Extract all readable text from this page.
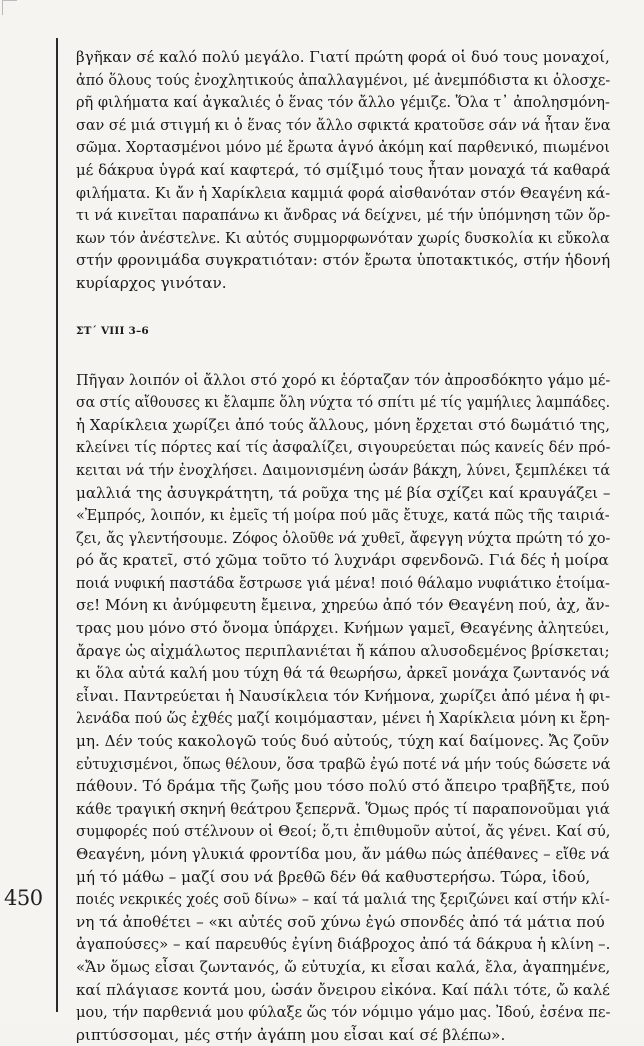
450
βγῆκαν σέ καλό πολύ μεγάλο. Γιατί πρώτη φορά οἱ δυό τους μοναχοί,
ἀπό ὅλους τούς ἐνοχλητικούς ἀπαλλαγμένοι, μέ ἀνεμπόδιστα κι ὁλοσχε-
ρῆ φιλήματα καί ἀγκαλιές ὁ ἕνας τόν ἄλλο γέμιζε. Ὅλα τ᾽ ἀπολησμόνη-
σαν σέ μιά στιγμή κι ὁ ἕνας τόν ἄλλο σφικτά κρατοῦσε σάν νά ἦταν ἕνα
σῶμα. Χορτασμένοι μόνο μέ ἔρωτα ἁγνό ἀκόμη καί παρθενικό, πιωμένοι
μέ δάκρυα ὑγρά καί καφτερά, τό σμίξιμό τους ἦταν μοναχά τά καθαρά
φιλήματα. Κι ἄν ἡ Χαρίκλεια καμμιά φορά αἰσθανόταν στόν Θεαγένη κά-
τι νά κινεῖται παραπάνω κι ἄνδρας νά δείχνει, μέ τήν ὑπόμνηση τῶν ὅρ-
κων τόν ἀνέστελνε. Κι αὐτός συμμορφωνόταν χωρίς δυσκολία κι εὔκολα
στήν φρονιμάδα συγκρατιόταν: στόν ἔρωτα ὑποτακτικός, στήν ἡδονή
κυρίαρχος γινόταν.
ΣΤ΄ VIII 3–6
Πῆγαν λοιπόν οἱ ἄλλοι στό χορό κι ἑόρταζαν τόν ἀπροσδόκητο γάμο μέ-
σα στίς αἴθουσες κι ἔλαμπε ὅλη νύχτα τό σπίτι μέ τίς γαμήλιες λαμπάδες.
ἡ Χαρίκλεια χωρίζει ἀπό τούς ἄλλους, μόνη ἔρχεται στό δωμάτιό της,
κλείνει τίς πόρτες καί τίς ἀσφαλίζει, σιγουρεύεται πώς κανείς δέν πρό-
κειται νά τήν ἐνοχλήσει. Δαιμονισμένη ὡσάν βάκχη, λύνει, ξεμπλέκει τά
μαλλιά της ἀσυγκράτητη, τά ροῦχα της μέ βία σχίζει καί κραυγάζει –
«Ἐμπρός, λοιπόν, κι ἐμεῖς τή μοίρα πού μᾶς ἔτυχε, κατά πῶς τῆς ταιριά-
ζει, ἄς γλεντήσουμε. Ζόφος ὁλοῦθε νά χυθεῖ, ἄφεγγη νύχτα πρώτη τό χο-
ρό ἄς κρατεῖ, στό χῶμα τοῦτο τό λυχνάρι σφενδονῶ. Γιά δές ἡ μοίρα
ποιά νυφική παστάδα ἔστρωσε γιά μένα! ποιό θάλαμο νυφιάτικο ἑτοίμα-
σε! Μόνη κι ἀνύμφευτη ἔμεινα, χηρεύω ἀπό τόν Θεαγένη πού, ἀχ, ἄν-
τρας μου μόνο στό ὄνομα ὑπάρχει. Κνήμων γαμεῖ, Θεαγένης ἀλητεύει,
ἄραγε ὡς αἰχμάλωτος περιπλανιέται ἤ κάπου αλυσοδεμένος βρίσκεται;
κι ὅλα αὐτά καλή μου τύχη θά τά θεωρήσω, ἀρκεῖ μονάχα ζωντανός νά
εἶναι. Παντρεύεται ἡ Ναυσίκλεια τόν Κνήμονα, χωρίζει ἀπό μένα ἡ φι-
λενάδα πού ὥς ἐχθές μαζί κοιμόμασταν, μένει ἡ Χαρίκλεια μόνη κι ἔρη-
μη. Δέν τούς κακολογῶ τούς δυό αὐτούς, τύχη καί δαίμονες. Ἄς ζοῦν
εὐτυχισμένοι, ὅπως θέλουν, ὅσα τραβῶ ἐγώ ποτέ νά μήν τούς δώσετε νά
πάθουν. Τό δράμα τῆς ζωῆς μου τόσο πολύ στό ἄπειρο τραβῆξτε, πού
κάθε τραγική σκηνή θεάτρου ξεπερνᾶ. Ὅμως πρός τί παραπονοῦμαι γιά
συμφορές πού στέλνουν οἱ Θεοί; ὅ,τι ἐπιθυμοῦν αὐτοί, ἄς γένει. Καί σύ,
Θεαγένη, μόνη γλυκιά φροντίδα μου, ἄν μάθω πώς ἀπέθανες – εἴθε νά
μή τό μάθω – μαζί σου νά βρεθῶ δέν θά καθυστερήσω. Τώρα, ἰδού,
ποιές νεκρικές χοές σοῦ δίνω» – καί τά μαλιά της ξεριζώνει καί στήν κλί-
νη τά ἀποθέτει – «κι αὐτές σοῦ χύνω ἐγώ σπονδές ἀπό τά μάτια πού
ἀγαπούσες» – καί παρευθύς ἐγίνη διάβροχος ἀπό τά δάκρυα ἡ κλίνη –.
«Ἄν ὅμως εἶσαι ζωντανός, ὤ εὐτυχία, κι εἶσαι καλά, ἔλα, ἀγαπημένε,
καί πλάγιασε κοντά μου, ὡσάν ὄνειρου εἰκόνα. Καί πάλι τότε, ὤ καλέ
μου, τήν παρθενιά μου φύλαξε ὥς τόν νόμιμο γάμο μας. Ἰδού, ἐσένα πε-
ριπτύσσομαι, μές στήν ἀγάπη μου εἶσαι καί σέ βλέπω».
